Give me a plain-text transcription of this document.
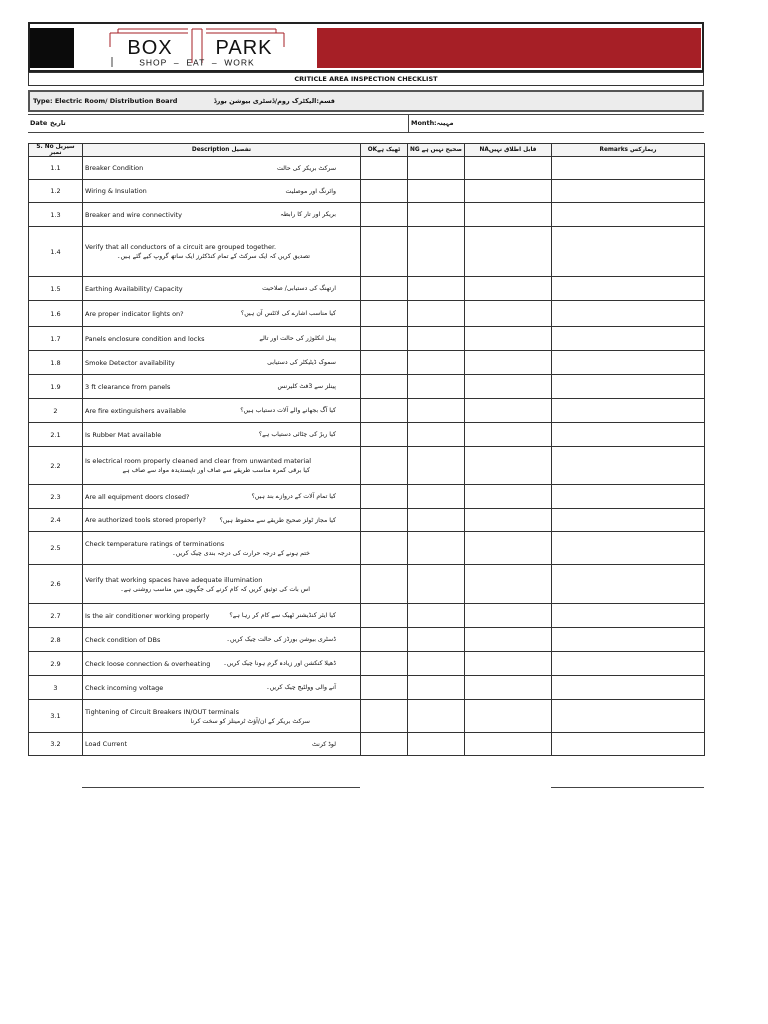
BOX PARK
SHOP  –  EAT  –  WORK
CRITICLE AREA INSPECTION CHECKLIST
Type: Electric Room/ Distribution Board	قسم:الیکٹرک روم/ڈسٹری بیوشن بورڈ
Date تاریخ	Month مہینہ:
S. No سیریل نمبر	Description تفصیل	OKٹھیک ہے	NG صحیح نہیں ہے	NAقابل اطلاق نہیں	Remarks ریمارکس
1.1	Breaker Condition سرکٹ بریکر کی حالت				

1.2	Wiring & Insulation وائرنگ اور موصلیت				

1.3	Breaker and wire connectivity بریکر اور تار کا رابطہ				

1.4	Verify that all conductors of a circuit are grouped together.
تصدیق کریں کہ ایک سرکٹ کے تمام کنڈکٹرز ایک ساتھ گروپ کیے گئے ہیں۔				

1.5	Earthing Availability/ Capacity ارتھنگ کی دستیابی/ صلاحیت				

1.6	Are proper indicator lights on? کیا مناسب اشارے کی لائٹس آن ہیں؟				

1.7	Panels enclosure condition and locks پینل انکلوژر کی حالت اور تالے				

1.8	Smoke Detector availability سموک ڈیٹیکٹر کی دستیابی				

1.9	3 ft clearance from panels پینلز سے 3فٹ کلیرنس				

2	Are fire extinguishers available کیا آگ بجھانے والے آلات دستیاب ہیں؟				

2.1	Is Rubber Mat available کیا ربڑ کی چٹائی دستیاب ہے؟				

2.2	Is electrical room properly cleaned and clear from unwanted material
کیا برقی کمرہ مناسب طریقے سے صاف اور ناپسندیدہ مواد سے صاف ہے				

2.3	Are all equipment doors closed? کیا تمام آلات کے دروازے بند ہیں؟				

2.4	Are authorized tools stored properly? کیا مجاز ٹولز صحیح طریقے سے محفوظ ہیں؟				

2.5	Check temperature ratings of terminations
ختم ہونے کے درجہ حرارت کی درجہ بندی چیک کریں۔				

2.6	Verify that working spaces have adequate illumination
اس بات کی توثیق کریں کہ کام کرنے کی جگہوں میں مناسب روشنی ہے۔				

2.7	Is the air conditioner working properly کیا ایئر کنڈیشنر ٹھیک سے کام کر رہا ہے؟				

2.8	Check condition of DBs ڈسٹری بیوشن بورڈز کی حالت چیک کریں۔				

2.9	Check loose connection & overheating ڈھیلا کنکشن اور زیادہ گرم ہونا چیک کریں۔				

3	Check incoming voltage آنے والی وولٹیج چیک کریں۔				

3.1	Tightening of Circuit Breakers IN/OUT terminals
سرکٹ بریکر کے ان/آؤٹ ٹرمینلز کو سخت کرنا				

3.2	Load Current لوڈ کرنٹ				
